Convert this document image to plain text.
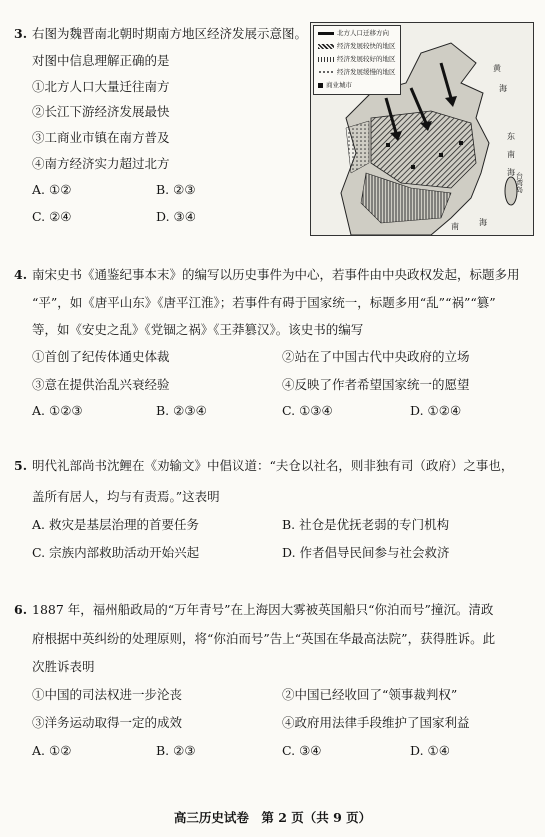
3. 右图为魏晋南北朝时期南方地区经济发展示意图。
对图中信息理解正确的是
①北方人口大量迁往南方
②长江下游经济发展最快
③工商业市镇在南方普及
④南方经济实力超过北方
A. ①②	B. ②③
C. ②④	D. ③④
北方人口迁移方向
经济发展较快的地区
经济发展较好的地区
经济发展缓慢的地区
商业城市
黄
海
东
南
海 台湾岛
海
南
4. 南宋史书《通鉴纪事本末》的编写以历史事件为中心，若事件由中央政权发起，标题多用
“平”，如《唐平山东》《唐平江淮》；若事件有碍于国家统一，标题多用“乱”“祸”“篡”
等，如《安史之乱》《党锢之祸》《王莽篡汉》。该史书的编写
①首创了纪传体通史体裁	②站在了中国古代中央政府的立场
③意在提供治乱兴衰经验	④反映了作者希望国家统一的愿望
A. ①②③	B. ②③④	C. ①③④	D. ①②④
5. 明代礼部尚书沈鲤在《劝输文》中倡议道：“夫仓以社名，则非独有司（政府）之事也，
盖所有居人，均与有责焉。”这表明
A. 救灾是基层治理的首要任务	B. 社仓是优抚老弱的专门机构
C. 宗族内部救助活动开始兴起	D. 作者倡导民间参与社会救济
6. 1887 年，福州船政局的“万年青号”在上海因大雾被英国船只“你泊而号”撞沉。清政
府根据中英纠纷的处理原则，将“你泊而号”告上“英国在华最高法院”，获得胜诉。此
次胜诉表明
①中国的司法权进一步沦丧	②中国已经收回了“领事裁判权”
③洋务运动取得一定的成效	④政府用法律手段维护了国家利益
A. ①②	B. ②③	C. ③④	D. ①④
高三历史试卷　第 2 页（共 9 页）
